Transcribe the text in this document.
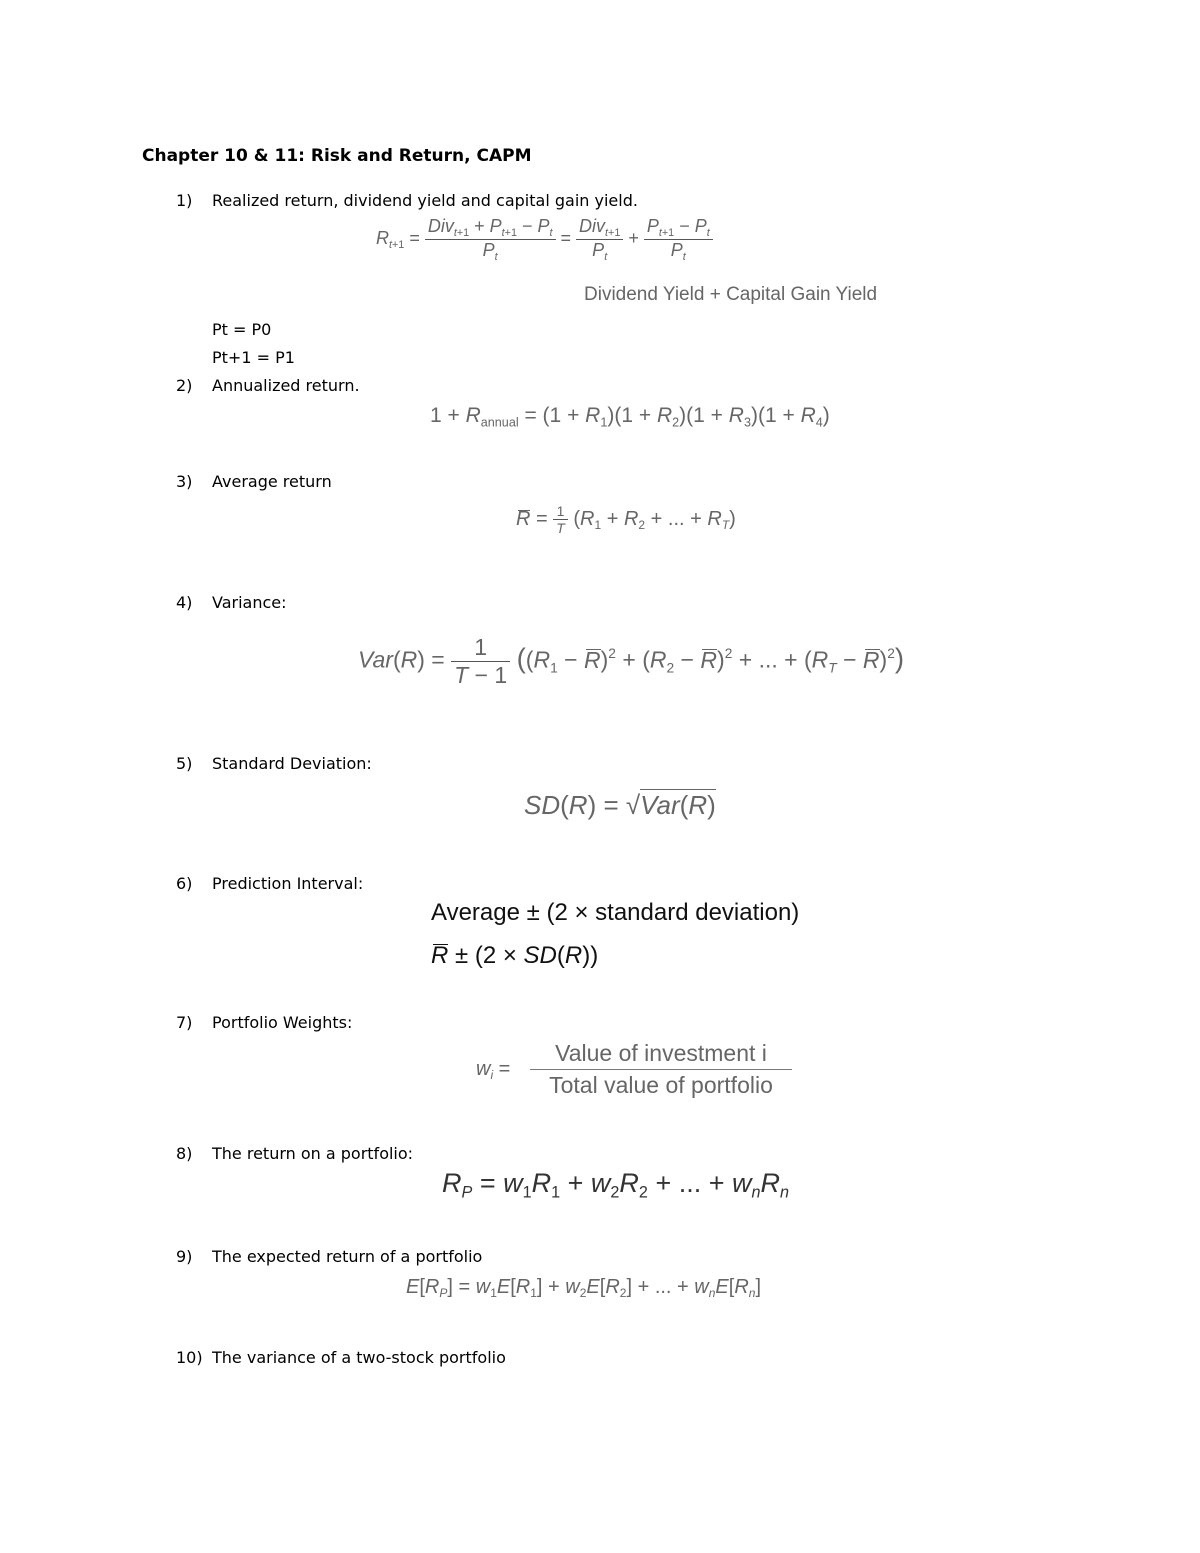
Chapter 10 & 11: Risk and Return, CAPM
1) Realized return, dividend yield and capital gain yield.
$R_{t+1} = \frac{Div_{t+1} + P_{t+1} - P_t}{P_t} = \frac{Div_{t+1}}{P_t} + \frac{P_{t+1} - P_t}{P_t}$
Dividend Yield + Capital Gain Yield
Pt = P0
Pt+1 = P1
2) Annualized return.
$1 + R_{annual} = (1 + R_1)(1 + R_2)(1 + R_3)(1 + R_4)$
3) Average return
$R = \frac{1}{T} (R_1 + R_2$ + ... + $R_T$)
4) Variance:
$Var(R) = \frac{1}{T - 1} ((R_1 - R)^2 + (R_2 - R)^2$ + ... + $(R_T - R)^2$)
5) Standard Deviation:
SD(R) = √Var(R)
6) Prediction Interval:
Average ± (2 × standard deviation)
R ± (2 × SD(R))
7) Portfolio Weights:
$w_i$ =
Value of investment i
Total value of portfolio
8) The return on a portfolio:
$R_P = w_1R_1 + w_2R_2$ + ... + $w_nR_n$
9) The expected return of a portfolio
$E[R_P] = w_1E[R_1] + w_2E[R_2]$ + ... + $w_nE[R_n]$
10) The variance of a two-stock portfolio
